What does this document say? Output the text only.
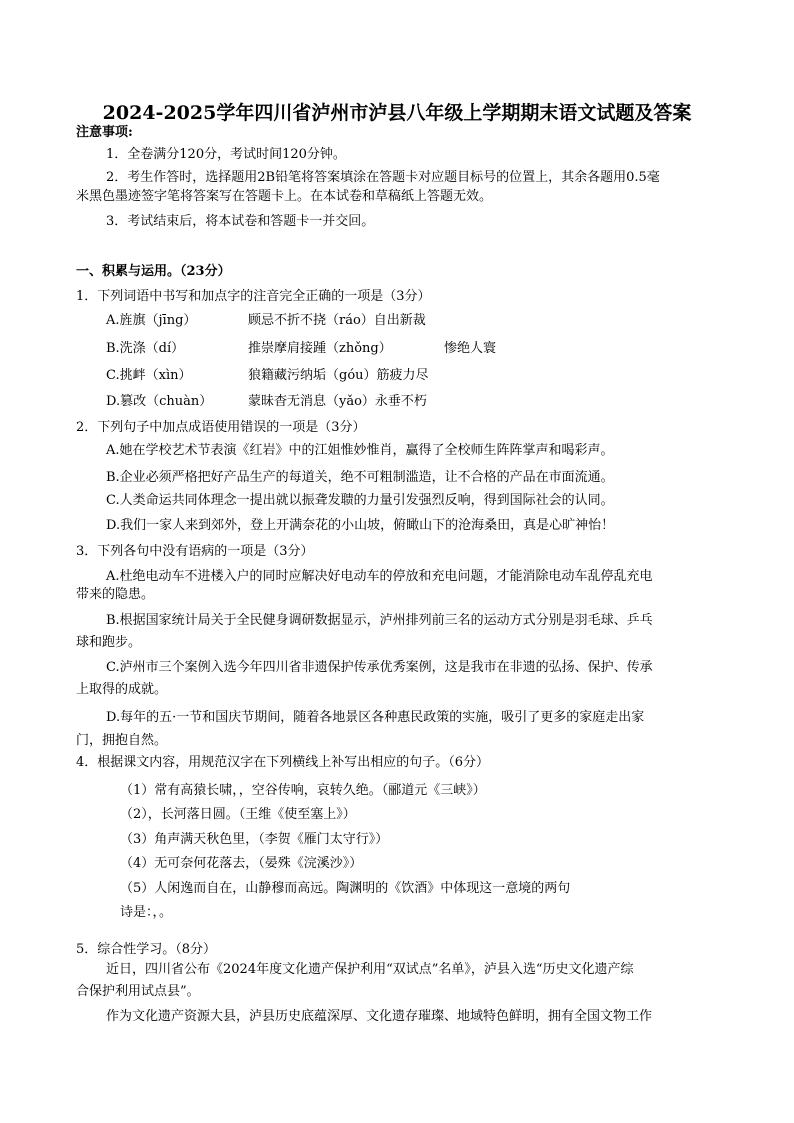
2024-2025学年四川省泸州市泸县八年级上学期期末语文试题及答案
注意事项:
1．全卷满分120分，考试时间120分钟。
2．考生作答时，选择题用2B铅笔将答案填涂在答题卡对应题目标号的位置上，其余各题用0.5毫
米黑色墨迹签字笔将答案写在答题卡上。在本试卷和草稿纸上答题无效。
3．考试结束后，将本试卷和答题卡一并交回。
一、积累与运用。（23分）
1．下列词语中书写和加点字的注音完全正确的一项是（3分）
A.旌旗（jīng）	顾忌不折不挠（ráo）自出新裁
B.洗涤（dí）	推崇摩肩接踵（zhǒng）	惨绝人寰
C.挑衅（xìn）	狼籍藏污纳垢（góu）筋疲力尽
D.篡改（chuàn）	蒙昧杳无消息（yǎo）永垂不朽
2．下列句子中加点成语使用错误的一项是（3分）
A.她在学校艺术节表演《红岩》中的江姐惟妙惟肖，赢得了全校师生阵阵掌声和喝彩声。
B.企业必须严格把好产品生产的每道关，绝不可粗制滥造，让不合格的产品在市面流通。
C.人类命运共同体理念一提出就以振聋发聩的力量引发强烈反响，得到国际社会的认同。
D.我们一家人来到郊外，登上开满奈花的小山坡，俯瞰山下的沧海桑田，真是心旷神怡！
3．下列各句中没有语病的一项是（3分）
A.杜绝电动车不进楼入户的同时应解决好电动车的停放和充电问题，才能消除电动车乱停乱充电
带来的隐患。
B.根据国家统计局关于全民健身调研数据显示，泸州排列前三名的运动方式分别是羽毛球、乒乓
球和跑步。
C.泸州市三个案例入选今年四川省非遗保护传承优秀案例，这是我市在非遗的弘扬、保护、传承
上取得的成就。
D.每年的五·一节和国庆节期间，随着各地景区各种惠民政策的实施，吸引了更多的家庭走出家
门，拥抱自然。
4．根据课文内容，用规范汉字在下列横线上补写出相应的句子。（6分）
（1）常有高猿长啸，，空谷传响，哀转久绝。（郦道元《三峡》）
（2），长河落日圆。（王维《使至塞上》）
（3）角声满天秋色里，（李贺《雁门太守行》）
（4）无可奈何花落去，（晏殊《浣溪沙》）
（5）人闲逸而自在，山静穆而高远。陶渊明的《饮酒》中体现这一意境的两句
诗是：，。
5．综合性学习。（8分）
近日，四川省公布《2024年度文化遗产保护利用“双试点”名单》，泸县入选“历史文化遗产综
合保护利用试点县”。
作为文化遗产资源大县，泸县历史底蕴深厚、文化遗存璀璨、地域特色鲜明，拥有全国文物工作
